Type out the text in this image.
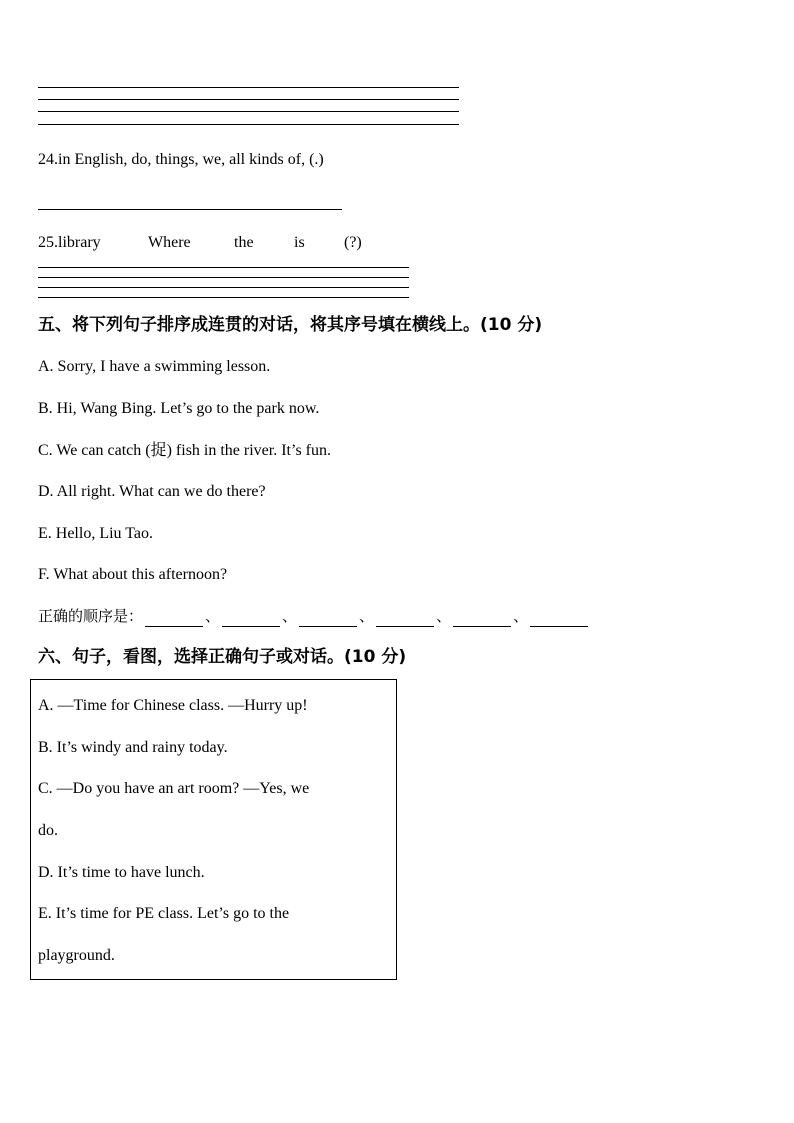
24.in English, do, things, we, all kinds of, (.)
25 .library	Where	the	is (?)
五、将下列句子排序成连贯的对话，将其序号填在横线上。(10 分)
A. Sorry, I have a swimming lesson.
B. Hi, Wang Bing. Let’s go to the park now.
C. We can catch (捉) fish in the river. It’s fun.
D. All right. What can we do there?
E. Hello, Liu Tao.
F. What about this afternoon?
正确的顺序是：	、	、	、	、	、
六、句子，看图，选择正确句子或对话。(10 分)
A. —Time for Chinese class. —Hurry up!
B. It’s windy and rainy today.
C. —Do you have an art room? —Yes, we
do.
D. It’s time to have lunch.
E. It’s time for PE class. Let’s go to the
playground.
